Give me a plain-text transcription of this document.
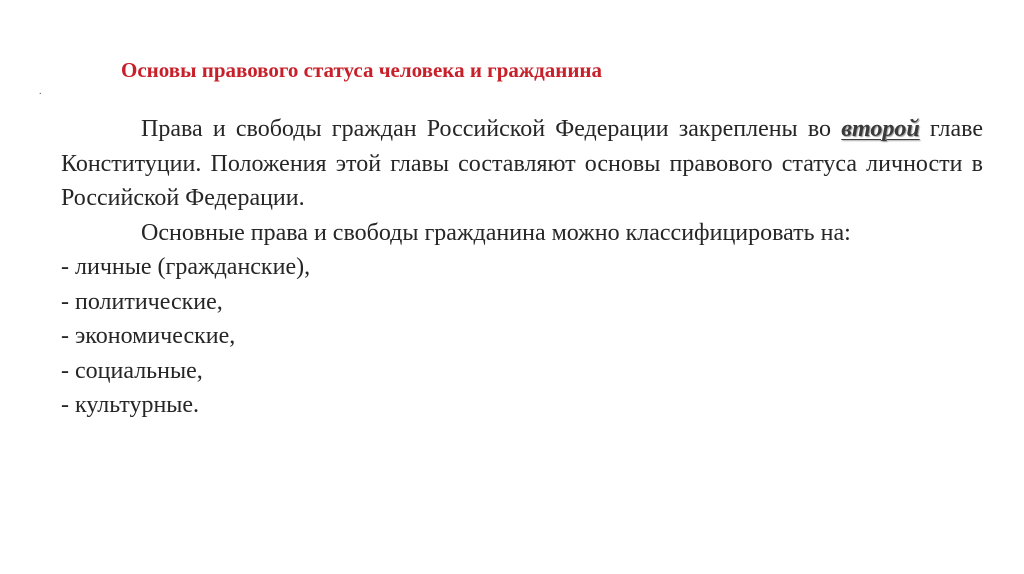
.
Основы правового статуса человека и гражданина

Права и свободы граждан Российской Федерации закреплены во второй главе Конституции. Положения этой главы составляют основы правового статуса личности в Российской Федерации.

Основные права и свободы гражданина можно классифицировать на:

- личные (гражданские),
- политические,
- экономические,
- социальные,
- культурные.
